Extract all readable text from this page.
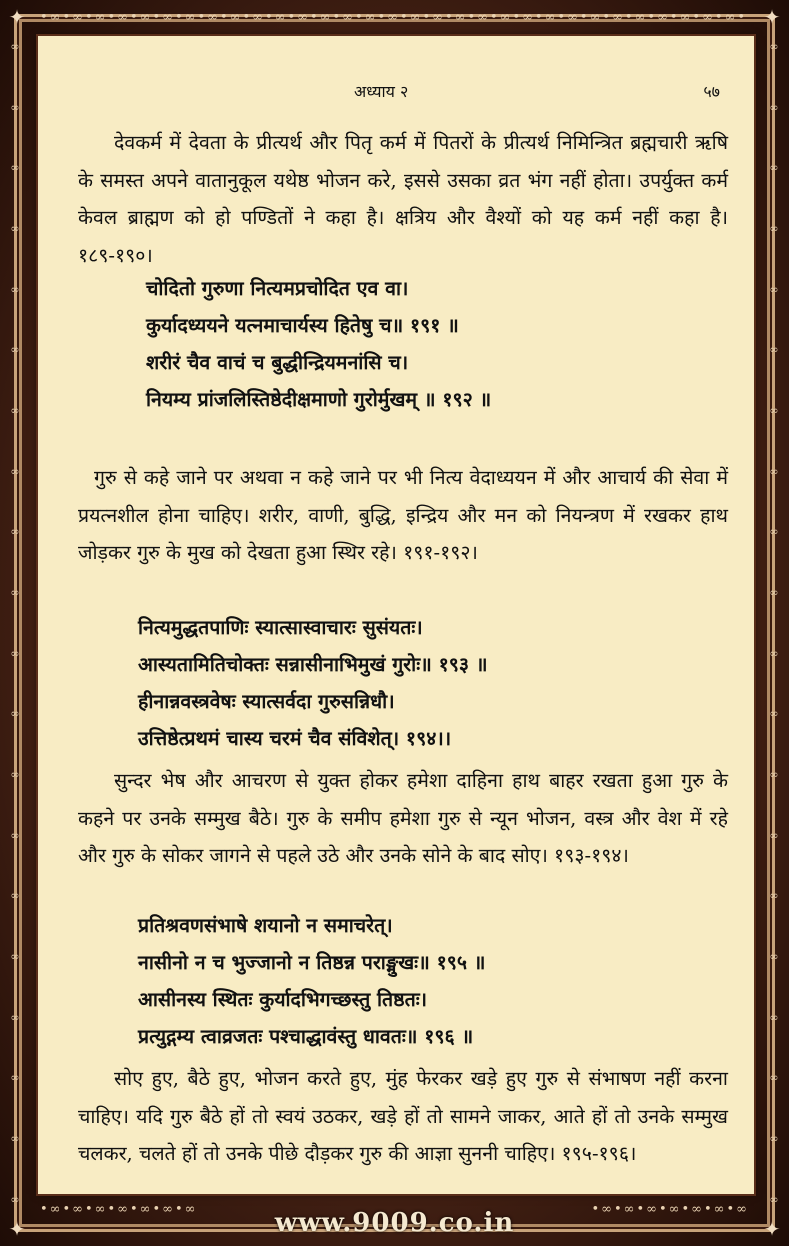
•∞•∞•∞•∞•∞•∞•∞•∞•∞•∞•∞•∞•∞•∞•∞•∞•∞•∞•∞•∞•∞•∞•∞•∞•∞•∞•∞•∞•∞•∞•∞•
•∞•∞•∞•∞•∞•∞•∞	•∞•∞•∞•∞•∞•∞•∞
∞
∞
∞
∞
∞
∞
∞
∞
∞
∞
∞
∞
∞
∞
∞
∞
∞
∞
∞
∞
∞
∞
∞
∞
∞
∞
∞
∞
∞
∞
∞
∞
∞
∞
∞
∞
∞
∞
∞
∞
✦	✦
✦	✦
अध्याय २	५७
देवकर्म में देवता के प्रीत्यर्थ और पितृ कर्म में पितरों के प्रीत्यर्थ निमिन्त्रित ब्रह्मचारी ऋषि के समस्त अपने वातानुकूल यथेष्ठ भोजन करे, इससे उसका व्रत भंग नहीं होता। उपर्युक्त कर्म केवल ब्राह्मण को हो पण्डितों ने कहा है। क्षत्रिय और वैश्यों को यह कर्म नहीं कहा है। १८९-१९०।
चोदितो गुरुणा नित्यमप्रचोदित एव वा।
कुर्यादध्ययने यत्नमाचार्यस्य हितेषु च॥ १९१ ॥
शरीरं चैव वाचं च बुद्धीन्द्रियमनांसि च।
नियम्य प्रांजलिस्तिष्ठेदीक्षमाणो गुरोर्मुखम् ॥ १९२ ॥
गुरु से कहे जाने पर अथवा न कहे जाने पर भी नित्य वेदाध्ययन में और आचार्य की सेवा में प्रयत्नशील होना चाहिए। शरीर, वाणी, बुद्धि, इन्द्रिय और मन को नियन्त्रण में रखकर हाथ जोड़कर गुरु के मुख को देखता हुआ स्थिर रहे। १९१-१९२।
नित्यमुद्धतपाणिः स्यात्सास्वाचारः सुसंयतः।
आस्यतामितिचोक्तः सन्नासीनाभिमुखं गुरोः॥ १९३ ॥
हीनान्नवस्त्रवेषः स्यात्सर्वदा गुरुसन्निधौ।
उत्तिष्ठेत्प्रथमं चास्य चरमं चैव संविशेत्। १९४।।
सुन्दर भेष और आचरण से युक्त होकर हमेशा दाहिना हाथ बाहर रखता हुआ गुरु के कहने पर उनके सम्मुख बैठे। गुरु के समीप हमेशा गुरु से न्यून भोजन, वस्त्र और वेश में रहे और गुरु के सोकर जागने से पहले उठे और उनके सोने के बाद सोए। १९३-१९४।
प्रतिश्रवणसंभाषे शयानो न समाचरेत्।
नासीनो न च भुज्जानो न तिष्ठन्न पराङ्मुखः॥ १९५ ॥
आसीनस्य स्थितः कुर्यादभिगच्छस्तु तिष्ठतः।
प्रत्युद्गम्य त्वाव्रजतः पश्चाद्धावंस्तु धावतः॥ १९६ ॥
सोए हुए, बैठे हुए, भोजन करते हुए, मुंह फेरकर खड़े हुए गुरु से संभाषण नहीं करना चाहिए। यदि गुरु बैठे हों तो स्वयं उठकर, खड़े हों तो सामने जाकर, आते हों तो उनके सम्मुख चलकर, चलते हों तो उनके पीछे दौड़कर गुरु की आज्ञा सुननी चाहिए। १९५-१९६।
www.9009.co.in
